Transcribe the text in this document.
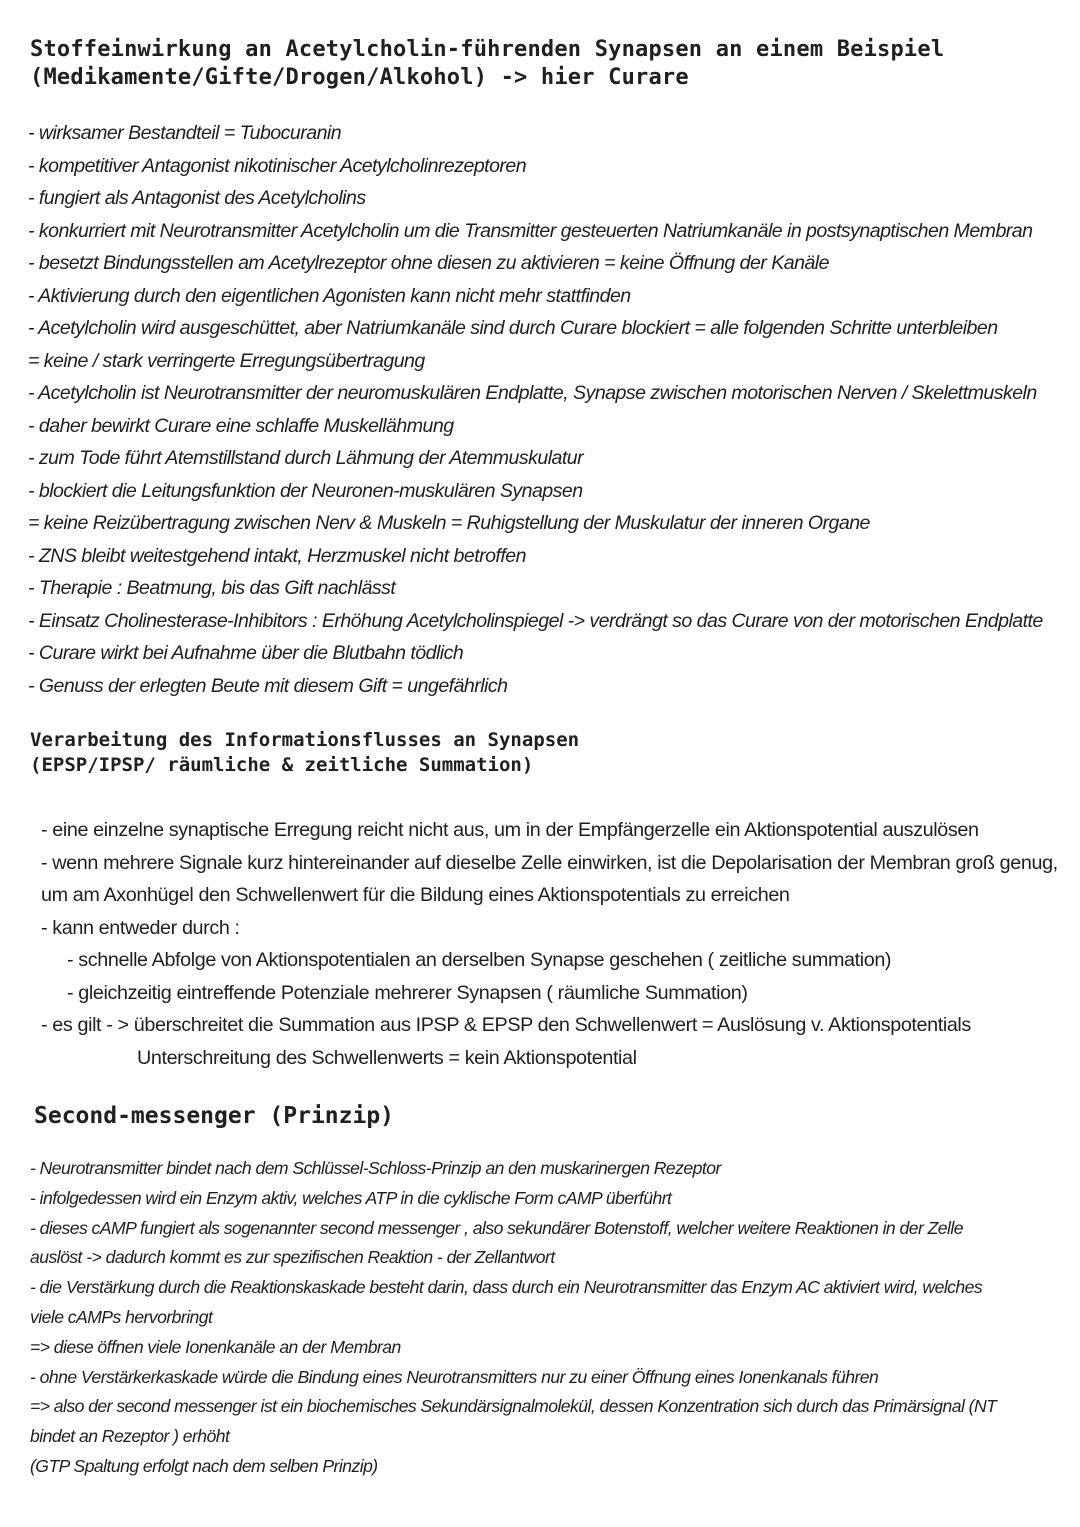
Stoffeinwirkung an Acetylcholin-führenden Synapsen an einem Beispiel
(Medikamente/Gifte/Drogen/Alkohol) -> hier Curare
- wirksamer Bestandteil = Tubocuranin
- kompetitiver Antagonist nikotinischer Acetylcholinrezeptoren
- fungiert als Antagonist des Acetylcholins
- konkurriert mit Neurotransmitter Acetylcholin um die Transmitter gesteuerten Natriumkanäle in postsynaptischen Membran
- besetzt Bindungsstellen am Acetylrezeptor ohne diesen zu aktivieren = keine Öffnung der Kanäle
- Aktivierung durch den eigentlichen Agonisten kann nicht mehr stattfinden
- Acetylcholin wird ausgeschüttet, aber Natriumkanäle sind durch Curare blockiert = alle folgenden Schritte unterbleiben
= keine / stark verringerte Erregungsübertragung
- Acetylcholin ist Neurotransmitter der neuromuskulären Endplatte, Synapse zwischen motorischen Nerven / Skelettmuskeln
- daher bewirkt Curare eine schlaffe Muskellähmung
- zum Tode führt Atemstillstand durch Lähmung der Atemmuskulatur
- blockiert die Leitungsfunktion der Neuronen-muskulären Synapsen
= keine Reizübertragung zwischen Nerv & Muskeln = Ruhigstellung der Muskulatur der inneren Organe
- ZNS bleibt weitestgehend intakt, Herzmuskel nicht betroffen
- Therapie : Beatmung, bis das Gift nachlässt
- Einsatz Cholinesterase-Inhibitors : Erhöhung Acetylcholinspiegel -> verdrängt so das Curare von der motorischen Endplatte
- Curare wirkt bei Aufnahme über die Blutbahn tödlich
- Genuss der erlegten Beute mit diesem Gift = ungefährlich
Verarbeitung des Informationsflusses an Synapsen
(EPSP/IPSP/ räumliche & zeitliche Summation)
- eine einzelne synaptische Erregung reicht nicht aus, um in der Empfängerzelle ein Aktionspotential auszulösen
- wenn mehrere Signale kurz hintereinander auf dieselbe Zelle einwirken, ist die Depolarisation der Membran groß genug,
um am Axonhügel den Schwellenwert für die Bildung eines Aktionspotentials zu erreichen
- kann entweder durch :
- schnelle Abfolge von Aktionspotentialen an derselben Synapse geschehen ( zeitliche summation)
- gleichzeitig eintreffende Potenziale mehrerer Synapsen ( räumliche Summation)
- es gilt - > überschreitet die Summation aus IPSP & EPSP den Schwellenwert = Auslösung v. Aktionspotentials
Unterschreitung des Schwellenwerts = kein Aktionspotential
Second-messenger (Prinzip)
- Neurotransmitter bindet nach dem Schlüssel-Schloss-Prinzip an den muskarinergen Rezeptor
- infolgedessen wird ein Enzym aktiv, welches ATP in die cyklische Form cAMP überführt
- dieses cAMP fungiert als sogenannter second messenger , also sekundärer Botenstoff, welcher weitere Reaktionen in der Zelle
auslöst -> dadurch kommt es zur spezifischen Reaktion - der Zellantwort
- die Verstärkung durch die Reaktionskaskade besteht darin, dass durch ein Neurotransmitter das Enzym AC aktiviert wird, welches
viele cAMPs hervorbringt
=> diese öffnen viele Ionenkanäle an der Membran
- ohne Verstärkerkaskade würde die Bindung eines Neurotransmitters nur zu einer Öffnung eines Ionenkanals führen
=> also der second messenger ist ein biochemisches Sekundärsignalmolekül, dessen Konzentration sich durch das Primärsignal (NT
bindet an Rezeptor ) erhöht
(GTP Spaltung erfolgt nach dem selben Prinzip)
